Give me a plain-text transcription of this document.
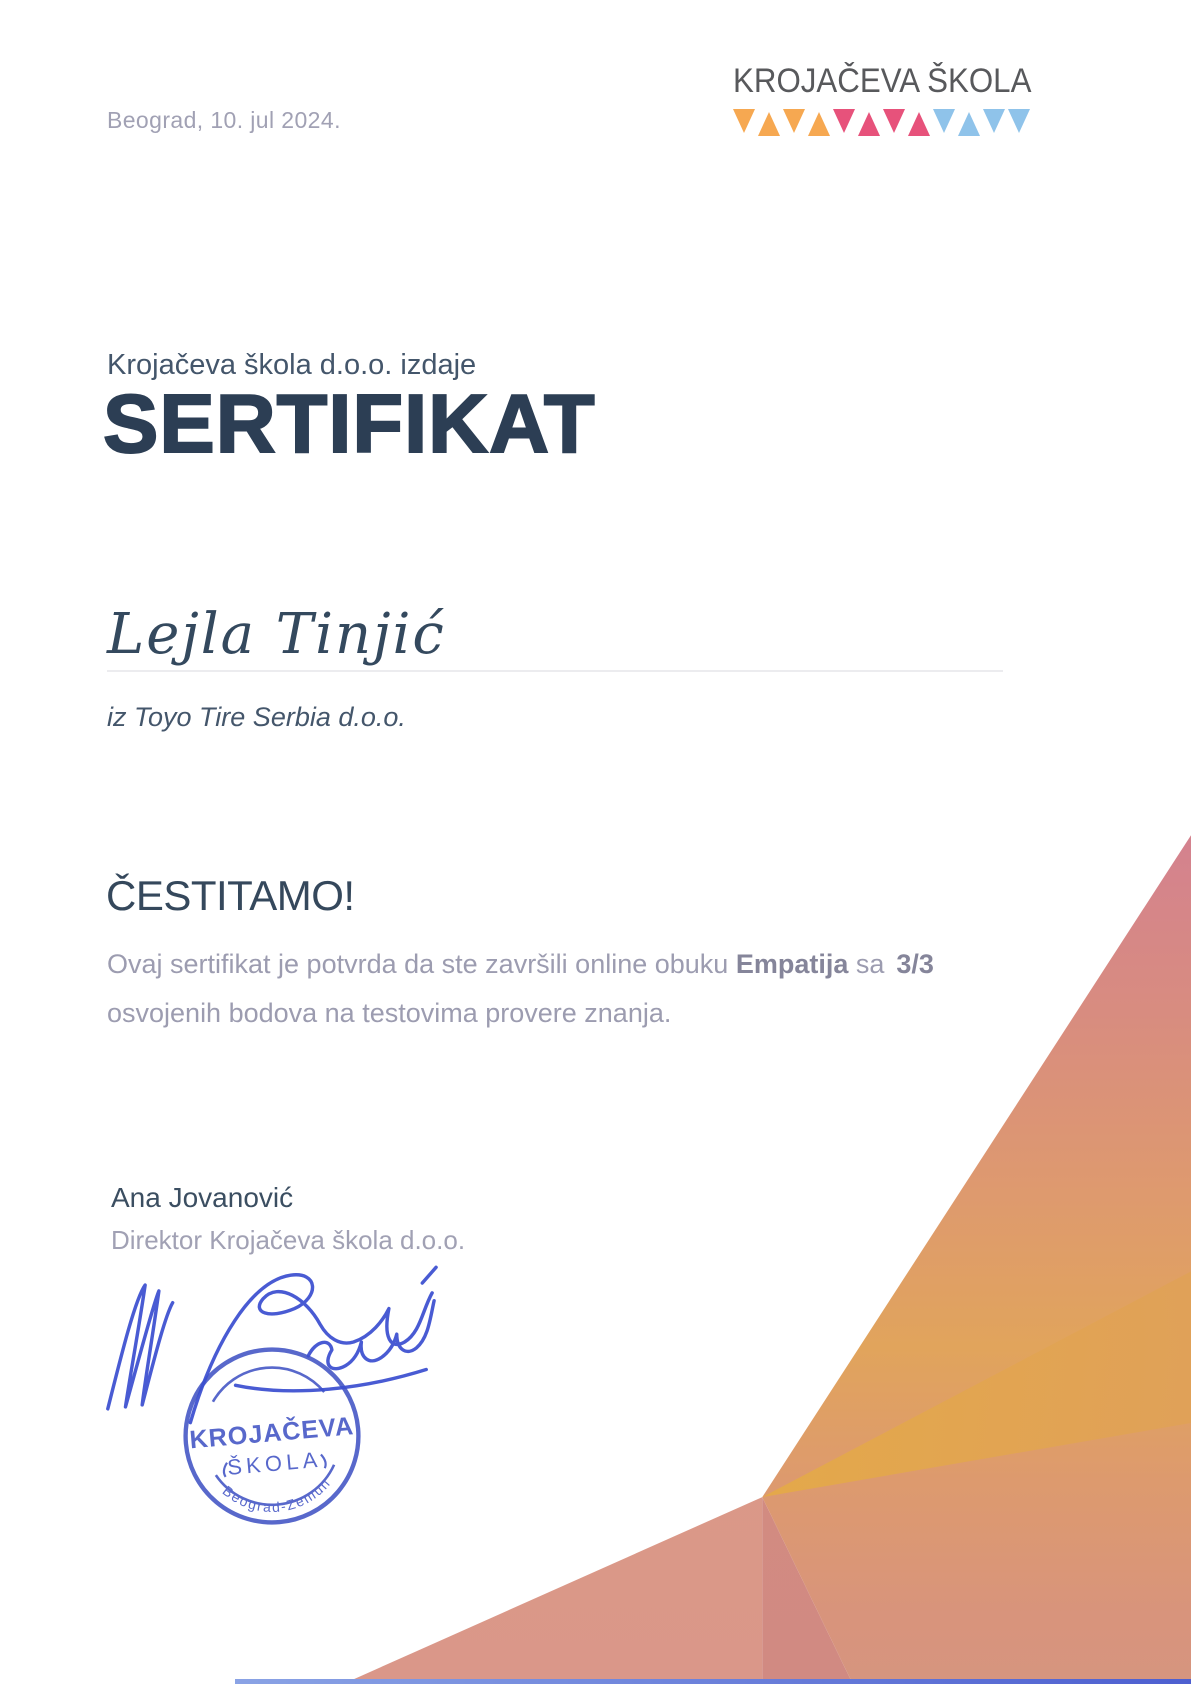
Beograd, 10. jul 2024.
KROJAČEVA ŠKOLA
Krojačeva škola d.o.o. izdaje
SERTIFIKAT
Lejla Tinjić
iz Toyo Tire Serbia d.o.o.
ČESTITAMO!
Ovaj sertifikat je potvrda da ste završili online obuku Empatija sa 3/3
osvojenih bodova na testovima provere znanja.
Ana Jovanović
Direktor Krojačeva škola d.o.o.
KROJAČEVA
ŠKOLA
Beograd-Zemun
